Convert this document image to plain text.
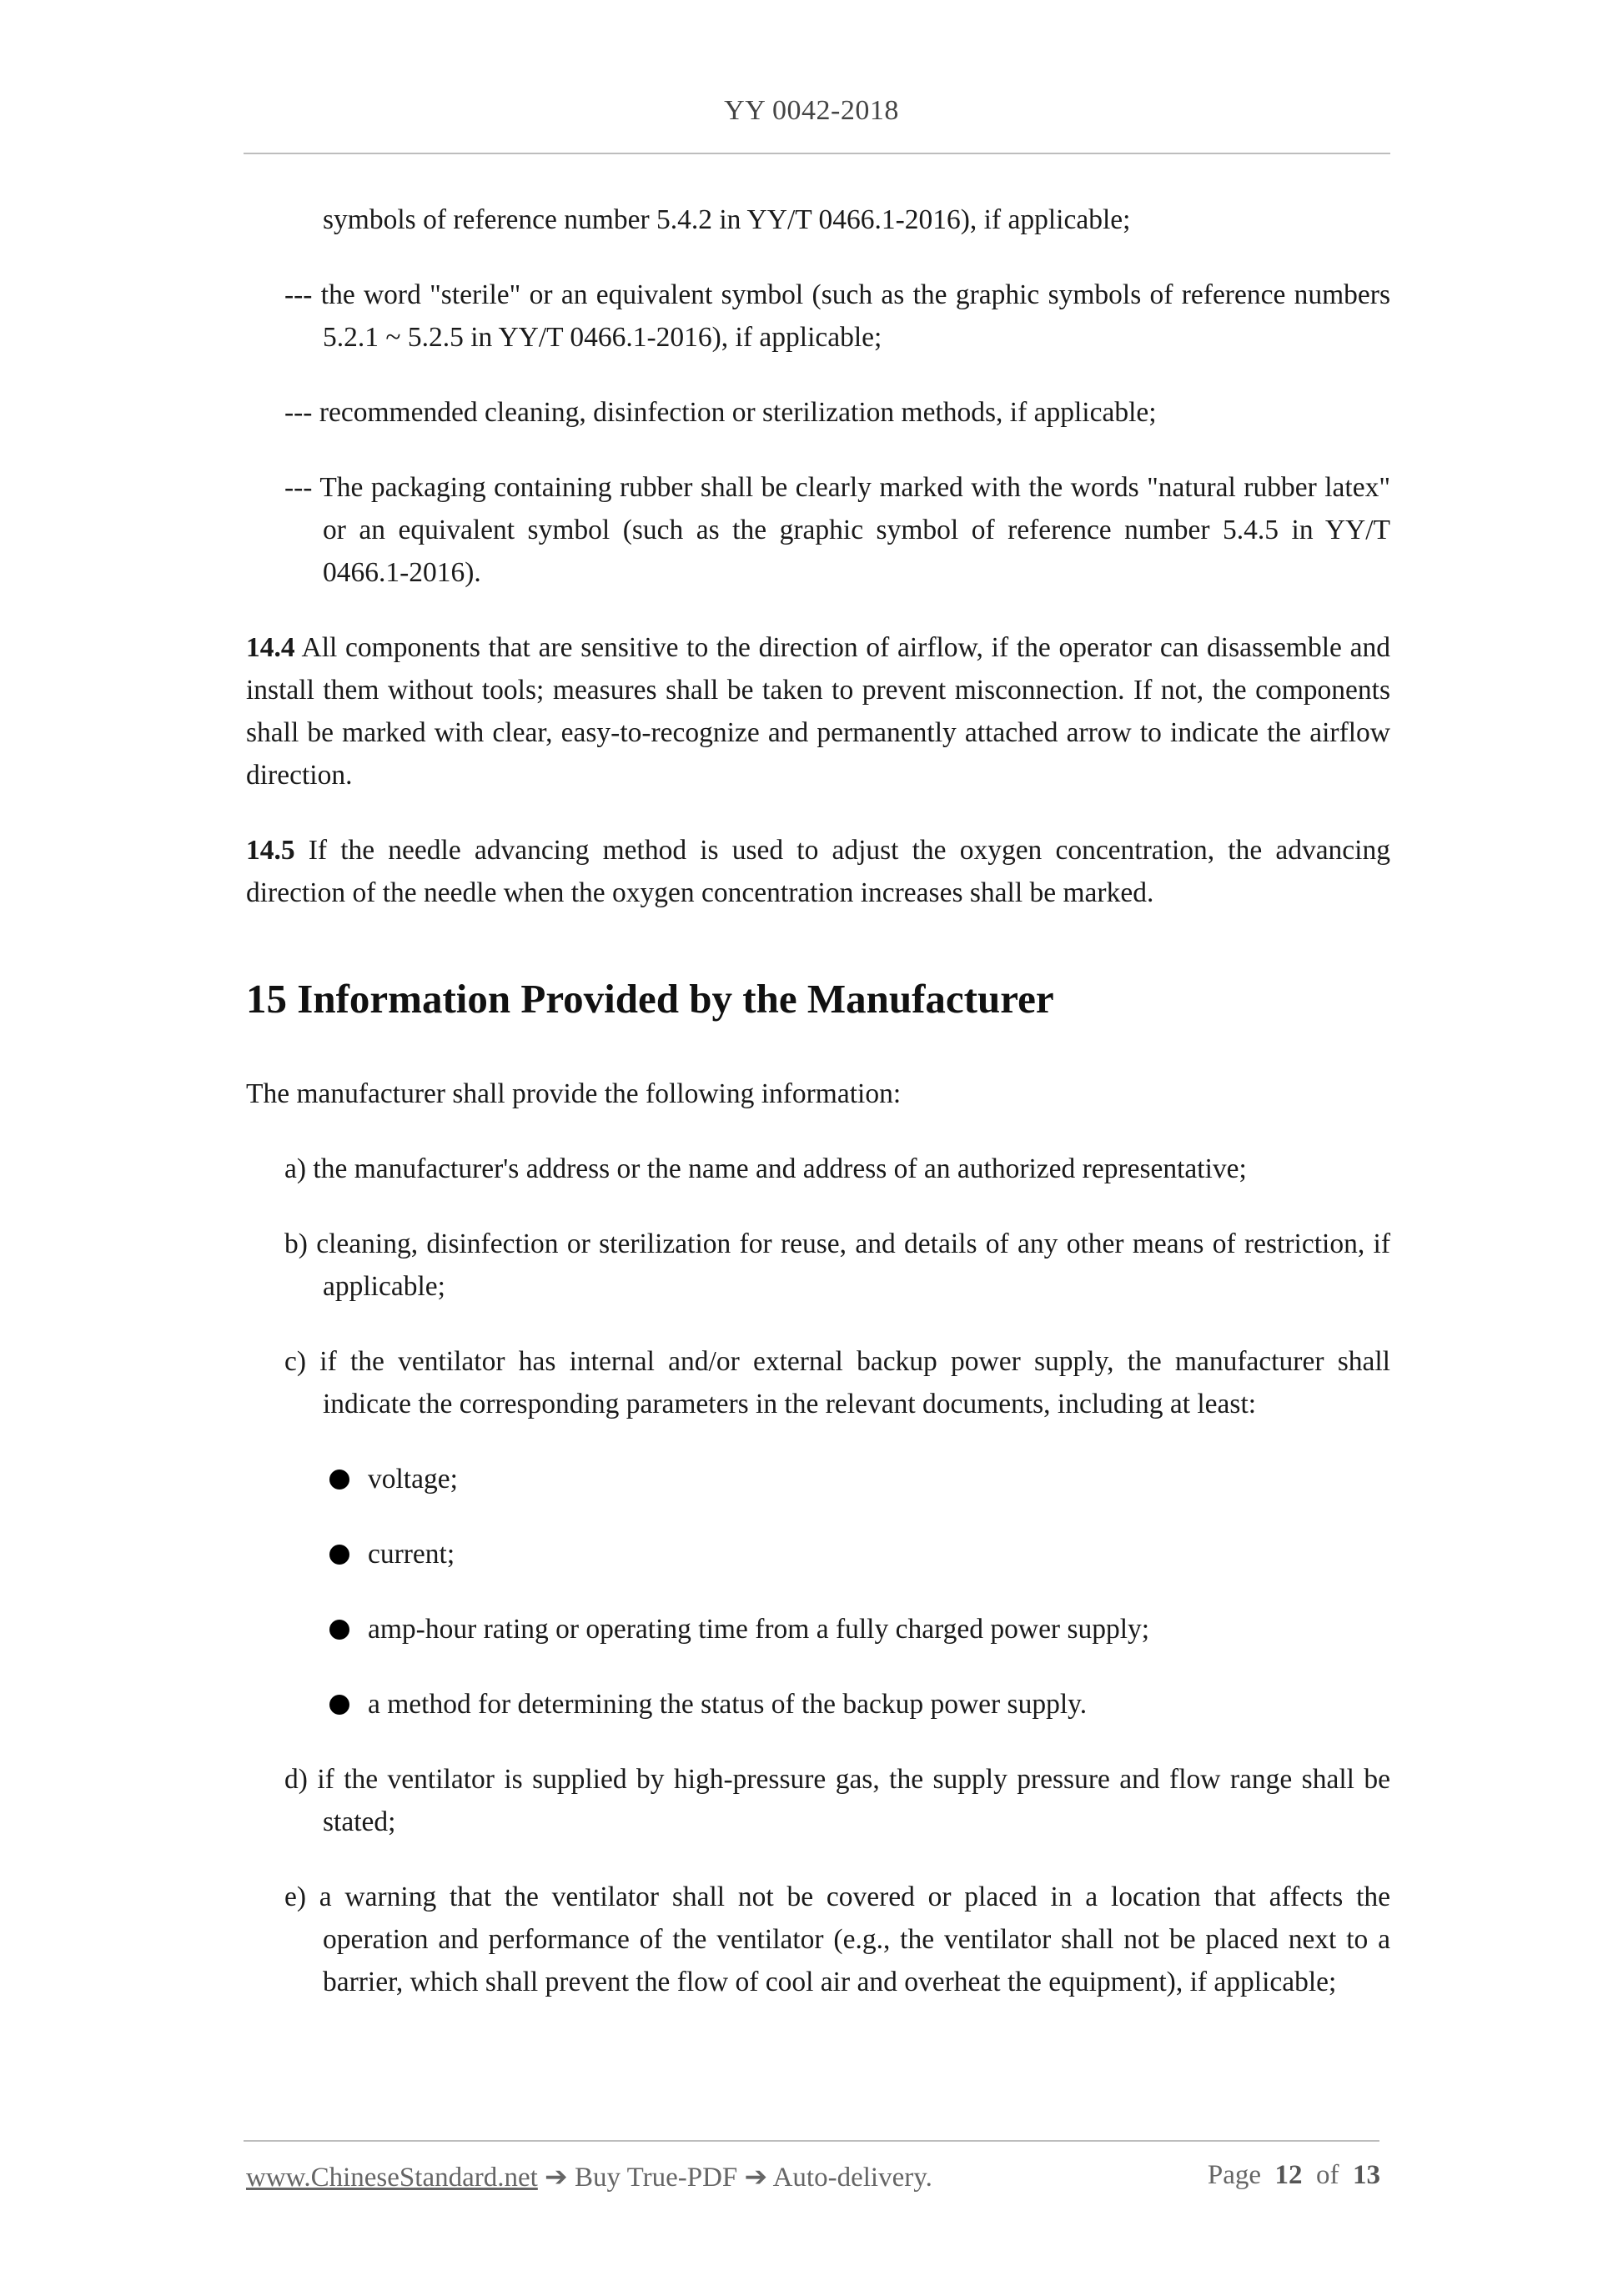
YY 0042-2018

symbols of reference number 5.4.2 in YY/T 0466.1-2016), if applicable;

--- the word "sterile" or an equivalent symbol (such as the graphic symbols of reference numbers 5.2.1 ~ 5.2.5 in YY/T 0466.1-2016), if applicable;

--- recommended cleaning, disinfection or sterilization methods, if applicable;

--- The packaging containing rubber shall be clearly marked with the words "natural rubber latex" or an equivalent symbol (such as the graphic symbol of reference number 5.4.5 in YY/T 0466.1-2016).

14.4 All components that are sensitive to the direction of airflow, if the operator can disassemble and install them without tools; measures shall be taken to prevent misconnection. If not, the components shall be marked with clear, easy-to-recognize and permanently attached arrow to indicate the airflow direction.

14.5 If the needle advancing method is used to adjust the oxygen concentration, the advancing direction of the needle when the oxygen concentration increases shall be marked.

15 Information Provided by the Manufacturer

The manufacturer shall provide the following information:

a) the manufacturer's address or the name and address of an authorized representative;

b) cleaning, disinfection or sterilization for reuse, and details of any other means of restriction, if applicable;

c) if the ventilator has internal and/or external backup power supply, the manufacturer shall indicate the corresponding parameters in the relevant documents, including at least:

voltage;
current;
amp-hour rating or operating time from a fully charged power supply;
a method for determining the status of the backup power supply.

d) if the ventilator is supplied by high-pressure gas, the supply pressure and flow range shall be stated;

e) a warning that the ventilator shall not be covered or placed in a location that affects the operation and performance of the ventilator (e.g., the ventilator shall not be placed next to a barrier, which shall prevent the flow of cool air and overheat the equipment), if applicable;

www.ChineseStandard.net ➔ Buy True-PDF ➔ Auto-delivery.	Page 12 of 13
